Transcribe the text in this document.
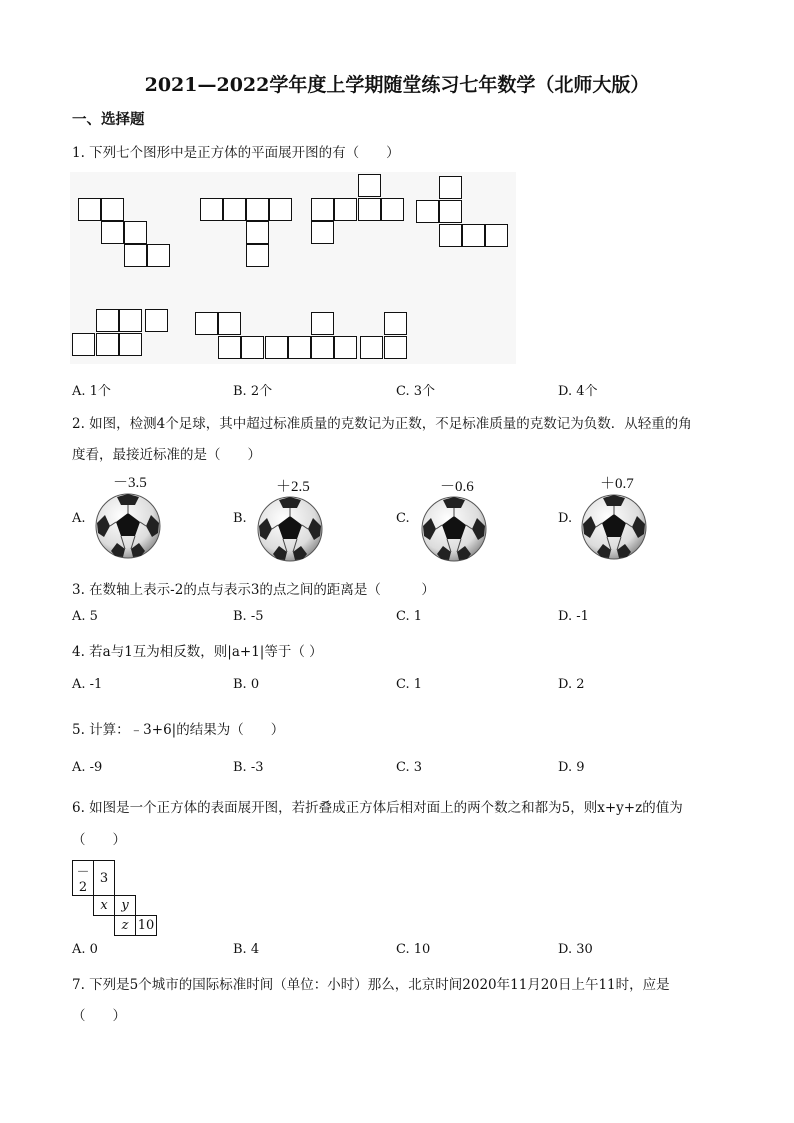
2021—2022学年度上学期随堂练习七年数学（北师大版）
一、选择题
1. 下列七个图形中是正方体的平面展开图的有（　　）
A. 1个	B. 2个	C. 3个	D. 4个
2. 如图，检测4个足球，其中超过标准质量的克数记为正数，不足标准质量的克数记为负数．从轻重的角
度看，最接近标准的是（　　）
A.
－3.5
B.
＋2.5
C.
－0.6
D.
＋0.7
3. 在数轴上表示-2的点与表示3的点之间的距离是（　　　）
A. 5	B. -5	C. 1	D. -1
4. 若a与1互为相反数，则|a+1|等于（ ）
A. -1	B. 0	C. 1	D. 2
5. 计算：﹣3+6|的结果为（　　）
A. -9	B. -3	C. 3	D. 9
6. 如图是一个正方体的表面展开图，若折叠成正方体后相对面上的两个数之和都为5，则x+y+z的值为
（　　）
－2	3		
	x	y	
		z	10
A. 0	B. 4	C. 10	D. 30
7. 下列是5个城市的国际标准时间（单位：小时）那么，北京时间2020年11月20日上午11时，应是
（　　）
